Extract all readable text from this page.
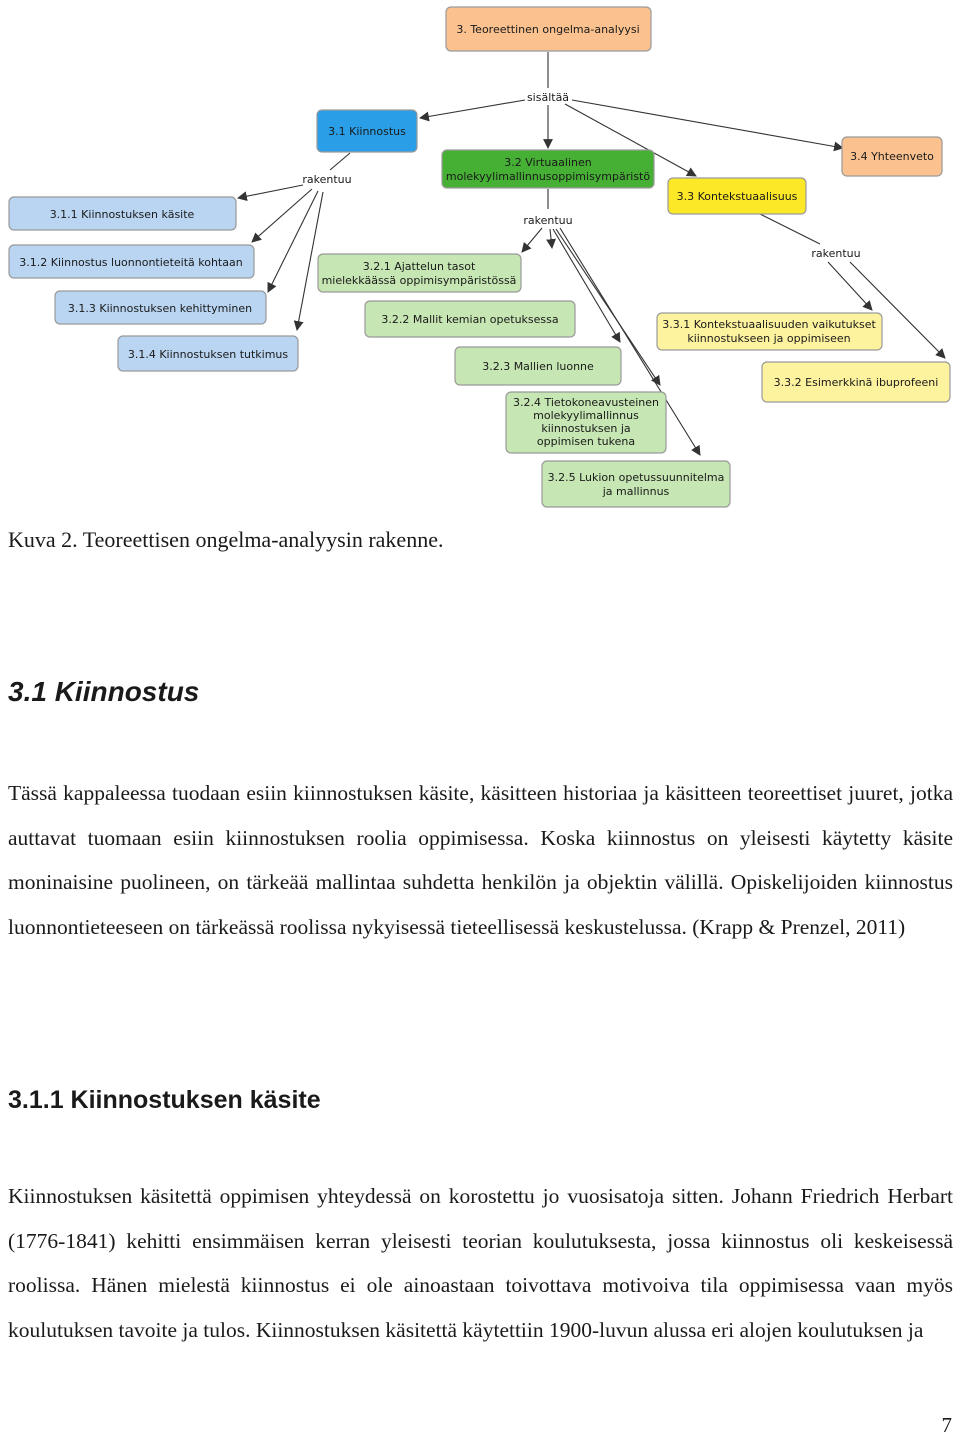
sisältää
rakentuu
rakentuu
rakentuu
3. Teoreettinen ongelma-analyysi
3.1 Kiinnostus
3.2 Virtuaalinen
molekyylimallinnusoppimisympäristö
3.3 Kontekstuaalisuus
3.4 Yhteenveto
3.1.1 Kiinnostuksen käsite
3.1.2 Kiinnostus luonnontieteitä kohtaan
3.1.3 Kiinnostuksen kehittyminen
3.1.4 Kiinnostuksen tutkimus
3.2.1 Ajattelun tasot
mielekkäässä oppimisympäristössä
3.2.2 Mallit kemian opetuksessa
3.2.3 Mallien luonne
3.2.4 Tietokoneavusteinen
molekyylimallinnus
kiinnostuksen ja
oppimisen tukena
3.2.5 Lukion opetussuunnitelma
ja mallinnus
3.3.1 Kontekstuaalisuuden vaikutukset
kiinnostukseen ja oppimiseen
3.3.2 Esimerkkinä ibuprofeeni

Kuva 2. Teoreettisen ongelma-analyysin rakenne.

3.1 Kiinnostus

Tässä kappaleessa tuodaan esiin kiinnostuksen käsite, käsitteen historiaa ja käsitteen teoreettiset juuret, jotka auttavat tuomaan esiin kiinnostuksen roolia oppimisessa. Koska kiinnostus on yleisesti käytetty käsite moninaisine puolineen, on tärkeää mallintaa suhdetta henkilön ja objektin välillä. Opiskelijoiden kiinnostus luonnontieteeseen on tärkeässä roolissa nykyisessä tieteellisessä keskustelussa. (Krapp & Prenzel, 2011)

3.1.1 Kiinnostuksen käsite

Kiinnostuksen käsitettä oppimisen yhteydessä on korostettu jo vuosisatoja sitten. Johann Friedrich Herbart (1776-1841) kehitti ensimmäisen kerran yleisesti teorian koulutuksesta, jossa kiinnostus oli keskeisessä roolissa. Hänen mielestä kiinnostus ei ole ainoastaan toivottava motivoiva tila oppimisessa vaan myös koulutuksen tavoite ja tulos. Kiinnostuksen käsitettä käytettiin 1900-luvun alussa eri alojen koulutuksen ja

7
